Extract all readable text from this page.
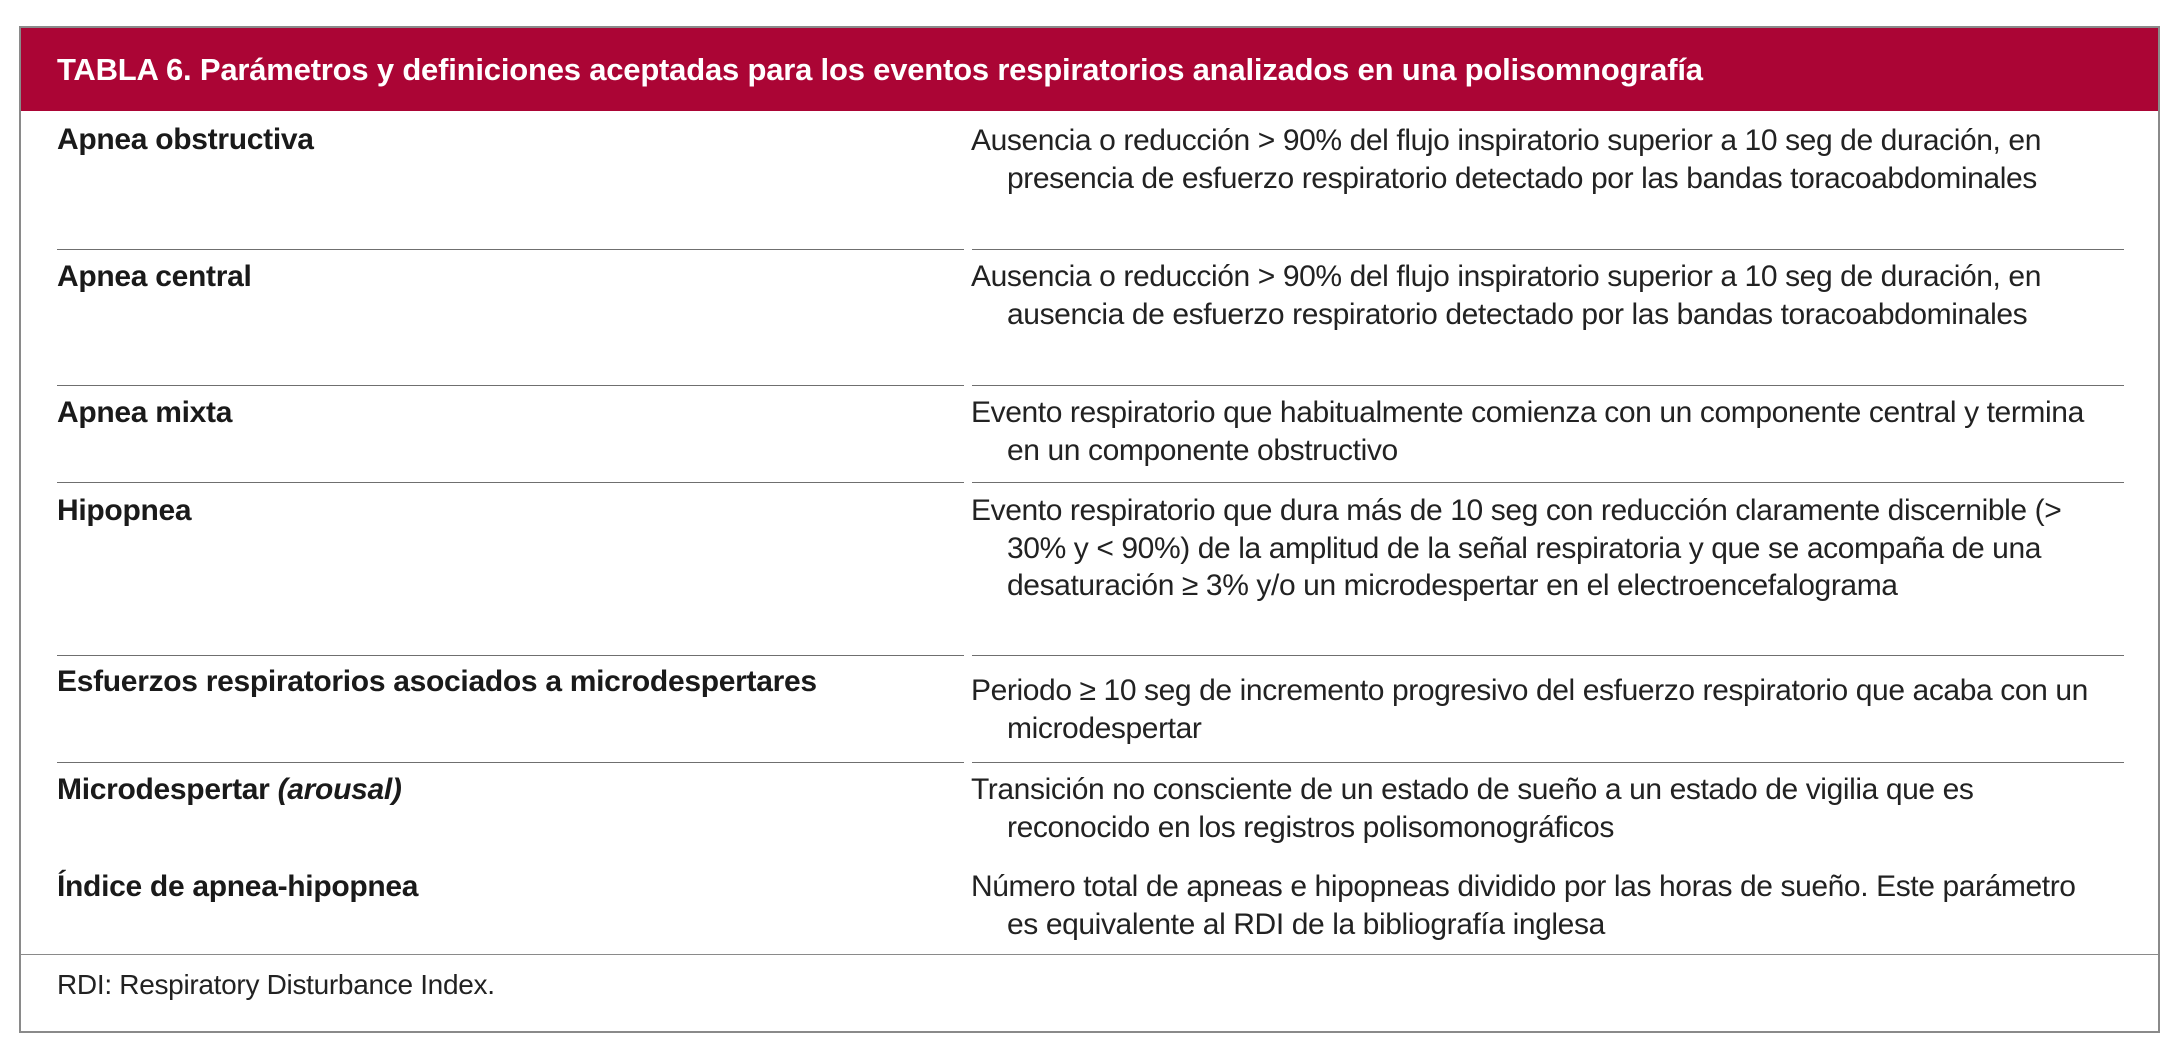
TABLA 6. Parámetros y definiciones aceptadas para los eventos respiratorios analizados en una polisomnografía
Apnea obstructiva	Ausencia o reducción > 90% del flujo inspiratorio superior a 10 seg de duración, en presencia de esfuerzo respiratorio detectado por las bandas toracoabdominales
Apnea central	Ausencia o reducción > 90% del flujo inspiratorio superior a 10 seg de duración, en ausencia de esfuerzo respiratorio detectado por las bandas toracoabdominales
Apnea mixta	Evento respiratorio que habitualmente comienza con un componente central y termina en un componente obstructivo
Hipopnea	Evento respiratorio que dura más de 10 seg con reducción claramente discernible (> 30% y < 90%) de la amplitud de la señal respiratoria y que se acompaña de una desaturación ≥ 3% y/o un microdespertar en el electroencefalograma
Esfuerzos respiratorios asociados a microdespertares	Periodo ≥ 10 seg de incremento progresivo del esfuerzo respiratorio que acaba con un microdespertar
Microdespertar (arousal)	Transición no consciente de un estado de sueño a un estado de vigilia que es reconocido en los registros polisomonográficos
Índice de apnea-hipopnea	Número total de apneas e hipopneas dividido por las horas de sueño. Este parámetro es equivalente al RDI de la bibliografía inglesa
RDI: Respiratory Disturbance Index.
